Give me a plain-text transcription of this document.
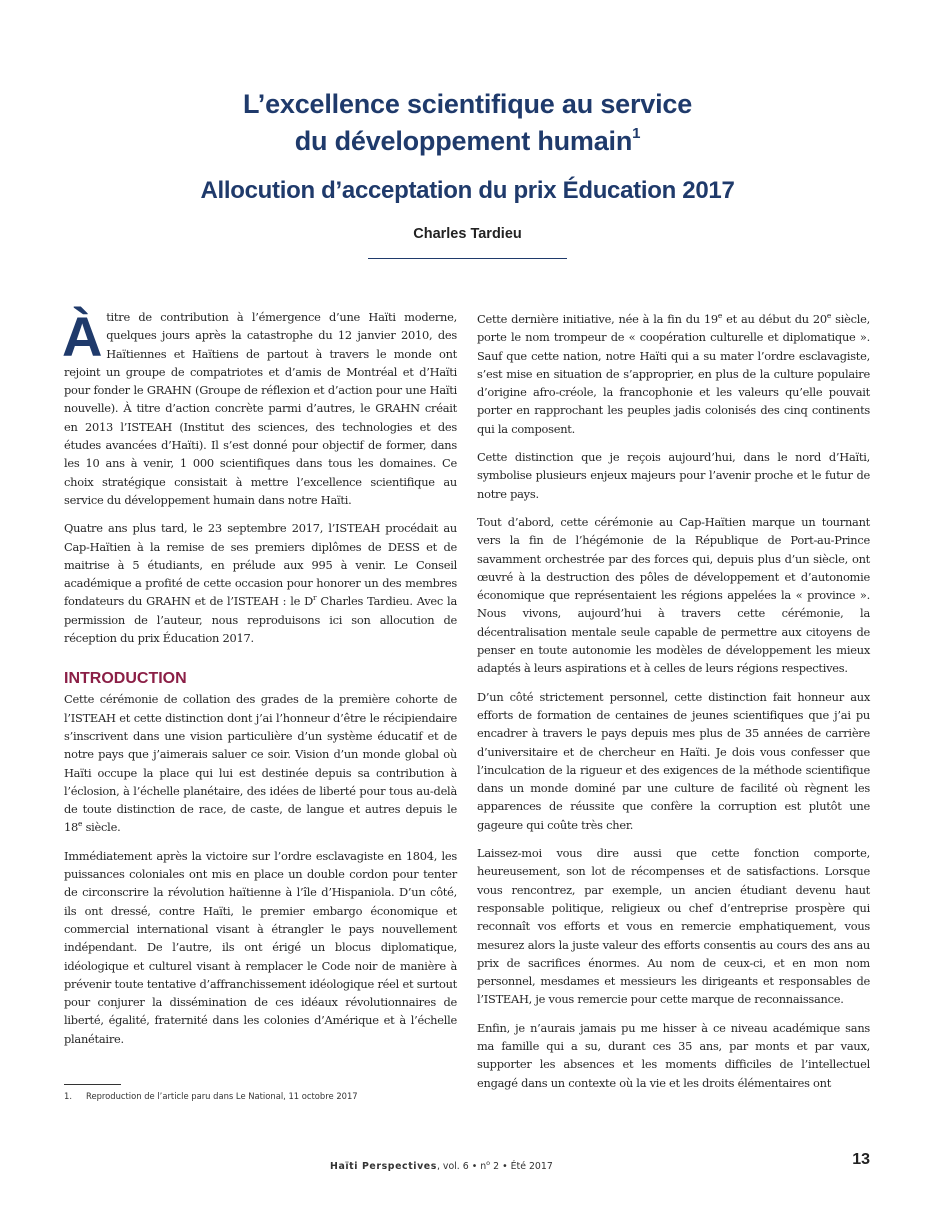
L’excellence scientifique au service
du développement humain$^1$
Allocution d’acceptation du prix Éducation 2017
Charles Tardieu

À titre de contribution à l’émergence d’une Haïti moderne, quelques jours après la catastrophe du 12 janvier 2010, des Haïtiennes et Haïtiens de partout à travers le monde ont rejoint un groupe de compatriotes et d’amis de Montréal et d’Haïti pour fonder le GRAHN (Groupe de réflexion et d’action pour une Haïti nouvelle). À titre d’action concrète parmi d’autres, le GRAHN créait en 2013 l’ISTEAH (Institut des sciences, des technologies et des études avancées d’Haïti). Il s’est donné pour objectif de former, dans les 10 ans à venir, 1 000 scientifiques dans tous les domaines. Ce choix stratégique consistait à mettre l’excellence scientifique au service du développement humain dans notre Haïti.

Quatre ans plus tard, le 23 septembre 2017, l’ISTEAH procédait au Cap-Haïtien à la remise de ses premiers diplômes de DESS et de maitrise à 5 étudiants, en prélude aux 995 à venir. Le Conseil académique a profité de cette occasion pour honorer un des membres fondateurs du GRAHN et de l’ISTEAH : le $D^r$ Charles Tardieu. Avec la permission de l’auteur, nous reproduisons ici son allocution de réception du prix Éducation 2017.

INTRODUCTION

Cette cérémonie de collation des grades de la première cohorte de l’ISTEAH et cette distinction dont j’ai l’honneur d’être le récipiendaire s’inscrivent dans une vision particulière d’un système éducatif et de notre pays que j’aimerais saluer ce soir. Vision d’un monde global où Haïti occupe la place qui lui est destinée depuis sa contribution à l’éclosion, à l’échelle planétaire, des idées de liberté pour tous au-delà de toute distinction de race, de caste, de langue et autres depuis le 18e siècle.

Immédiatement après la victoire sur l’ordre esclavagiste en 1804, les puissances coloniales ont mis en place un double cordon pour tenter de circonscrire la révolution haïtienne à l’île d’Hispaniola. D’un côté, ils ont dressé, contre Haïti, le premier embargo économique et commercial international visant à étrangler le pays nouvellement indépendant. De l’autre, ils ont érigé un blocus diplomatique, idéologique et culturel visant à remplacer le Code noir de manière à prévenir toute tentative d’affranchissement idéologique réel et surtout pour conjurer la dissémination de ces idéaux révolutionnaires de liberté, égalité, fraternité dans les colonies d’Amérique et à l’échelle planétaire.

Cette dernière initiative, née à la fin du 19e et au début du 20e siècle, porte le nom trompeur de « coopération culturelle et diplomatique ». Sauf que cette nation, notre Haïti qui a su mater l’ordre esclavagiste, s’est mise en situation de s’approprier, en plus de la culture populaire d’origine afro-créole, la francophonie et les valeurs qu’elle pouvait porter en rapprochant les peuples jadis colonisés des cinq continents qui la composent.

Cette distinction que je reçois aujourd’hui, dans le nord d’Haïti, symbolise plusieurs enjeux majeurs pour l’avenir proche et le futur de notre pays.

Tout d’abord, cette cérémonie au Cap-Haïtien marque un tournant vers la fin de l’hégémonie de la République de Port-au-Prince savamment orchestrée par des forces qui, depuis plus d’un siècle, ont œuvré à la destruction des pôles de développement et d’autonomie économique que représentaient les régions appelées la « province ». Nous vivons, aujourd’hui à travers cette cérémonie, la décentralisation mentale seule capable de permettre aux citoyens de penser en toute autonomie les modèles de développement les mieux adaptés à leurs aspirations et à celles de leurs régions respectives.

D’un côté strictement personnel, cette distinction fait honneur aux efforts de formation de centaines de jeunes scientifiques que j’ai pu encadrer à travers le pays depuis mes plus de 35 années de carrière d’universitaire et de chercheur en Haïti. Je dois vous confesser que l’inculcation de la rigueur et des exigences de la méthode scientifique dans un monde dominé par une culture de facilité où règnent les apparences de réussite que confère la corruption est plutôt une gageure qui coûte très cher.

Laissez-moi vous dire aussi que cette fonction comporte, heureusement, son lot de récompenses et de satisfactions. Lorsque vous rencontrez, par exemple, un ancien étudiant devenu haut responsable politique, religieux ou chef d’entreprise prospère qui reconnaît vos efforts et vous en remercie emphatiquement, vous mesurez alors la juste valeur des efforts consentis au cours des ans au prix de sacrifices énormes. Au nom de ceux-ci, et en mon nom personnel, mesdames et messieurs les dirigeants et responsables de l’ISTEAH, je vous remercie pour cette marque de reconnaissance.

Enfin, je n’aurais jamais pu me hisser à ce niveau académique sans ma famille qui a su, durant ces 35 ans, par monts et par vaux, supporter les absences et les moments difficiles de l’intellectuel engagé dans un contexte où la vie et les droits élémentaires ont

1. Reproduction de l’article paru dans Le National, 11 octobre 2017
Haïti Perspectives, vol. 6 • $n^o$ 2 • Été 2017	13
